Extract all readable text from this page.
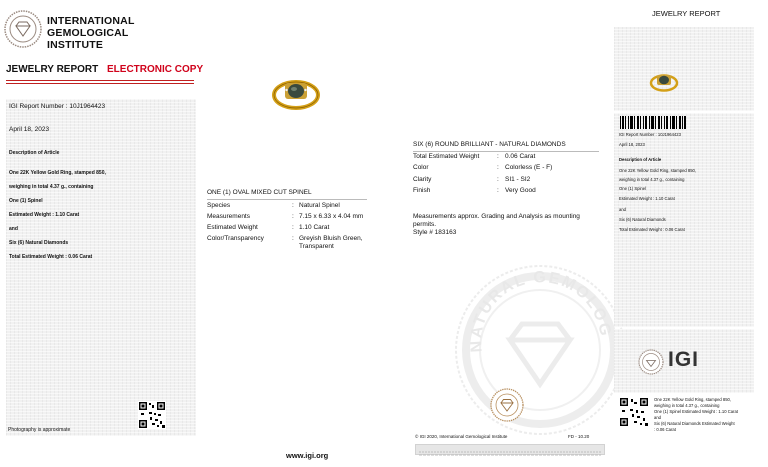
INTERNATIONAL
GEMOLOGICAL
INSTITUTE
JEWELRY REPORT ELECTRONIC COPY
JEWELRY REPORT
IGI Report Number : 10J1964423
April 18, 2023
Description of Article
One 22K Yellow Gold Ring, stamped 850,
weighing in total 4.37 g., containing
One (1) Spinel
Estimated Weight : 1.10 Carat
and
Six (6) Natural Diamonds
Total Estimated Weight : 0.06 Carat
Photography is approximate
ONE (1) OVAL MIXED CUT SPINEL
Species	: Natural Spinel
Measurements	: 7.15 x 6.33 x 4.04 mm
Estimated Weight	: 1.10 Carat
Color/Transparency	: Greyish Bluish Green,
Transparent
SIX (6) ROUND BRILLIANT - NATURAL DIAMONDS
Total Estimated Weight	: 0.06 Carat
Color	: Colorless (E - F)
Clarity	: SI1 - SI2
Finish	: Very Good
Measurements approx. Grading and Analysis as mounting
permits.
Style # 183163
NATURAL GEMOLOG
© IGI 2020, International Gemological Institute	FD - 10.20
www.igi.org
IGI Report Number : 10J1964423
April 18, 2023
Description of Article
One 22K Yellow Gold Ring, stamped 850,
weighing in total 4.37 g., containing
One (1) Spinel
Estimated Weight : 1.10 Carat
and
Six (6) Natural Diamonds
Total Estimated Weight : 0.06 Carat
IGI
One 22K Yellow Gold Ring, stamped 850,
weighing in total 4.37 g., containing
One (1) Spinel Estimated Weight : 1.10 Carat
and
Six (6) Natural Diamonds Estimated Weight
: 0.06 Carat
